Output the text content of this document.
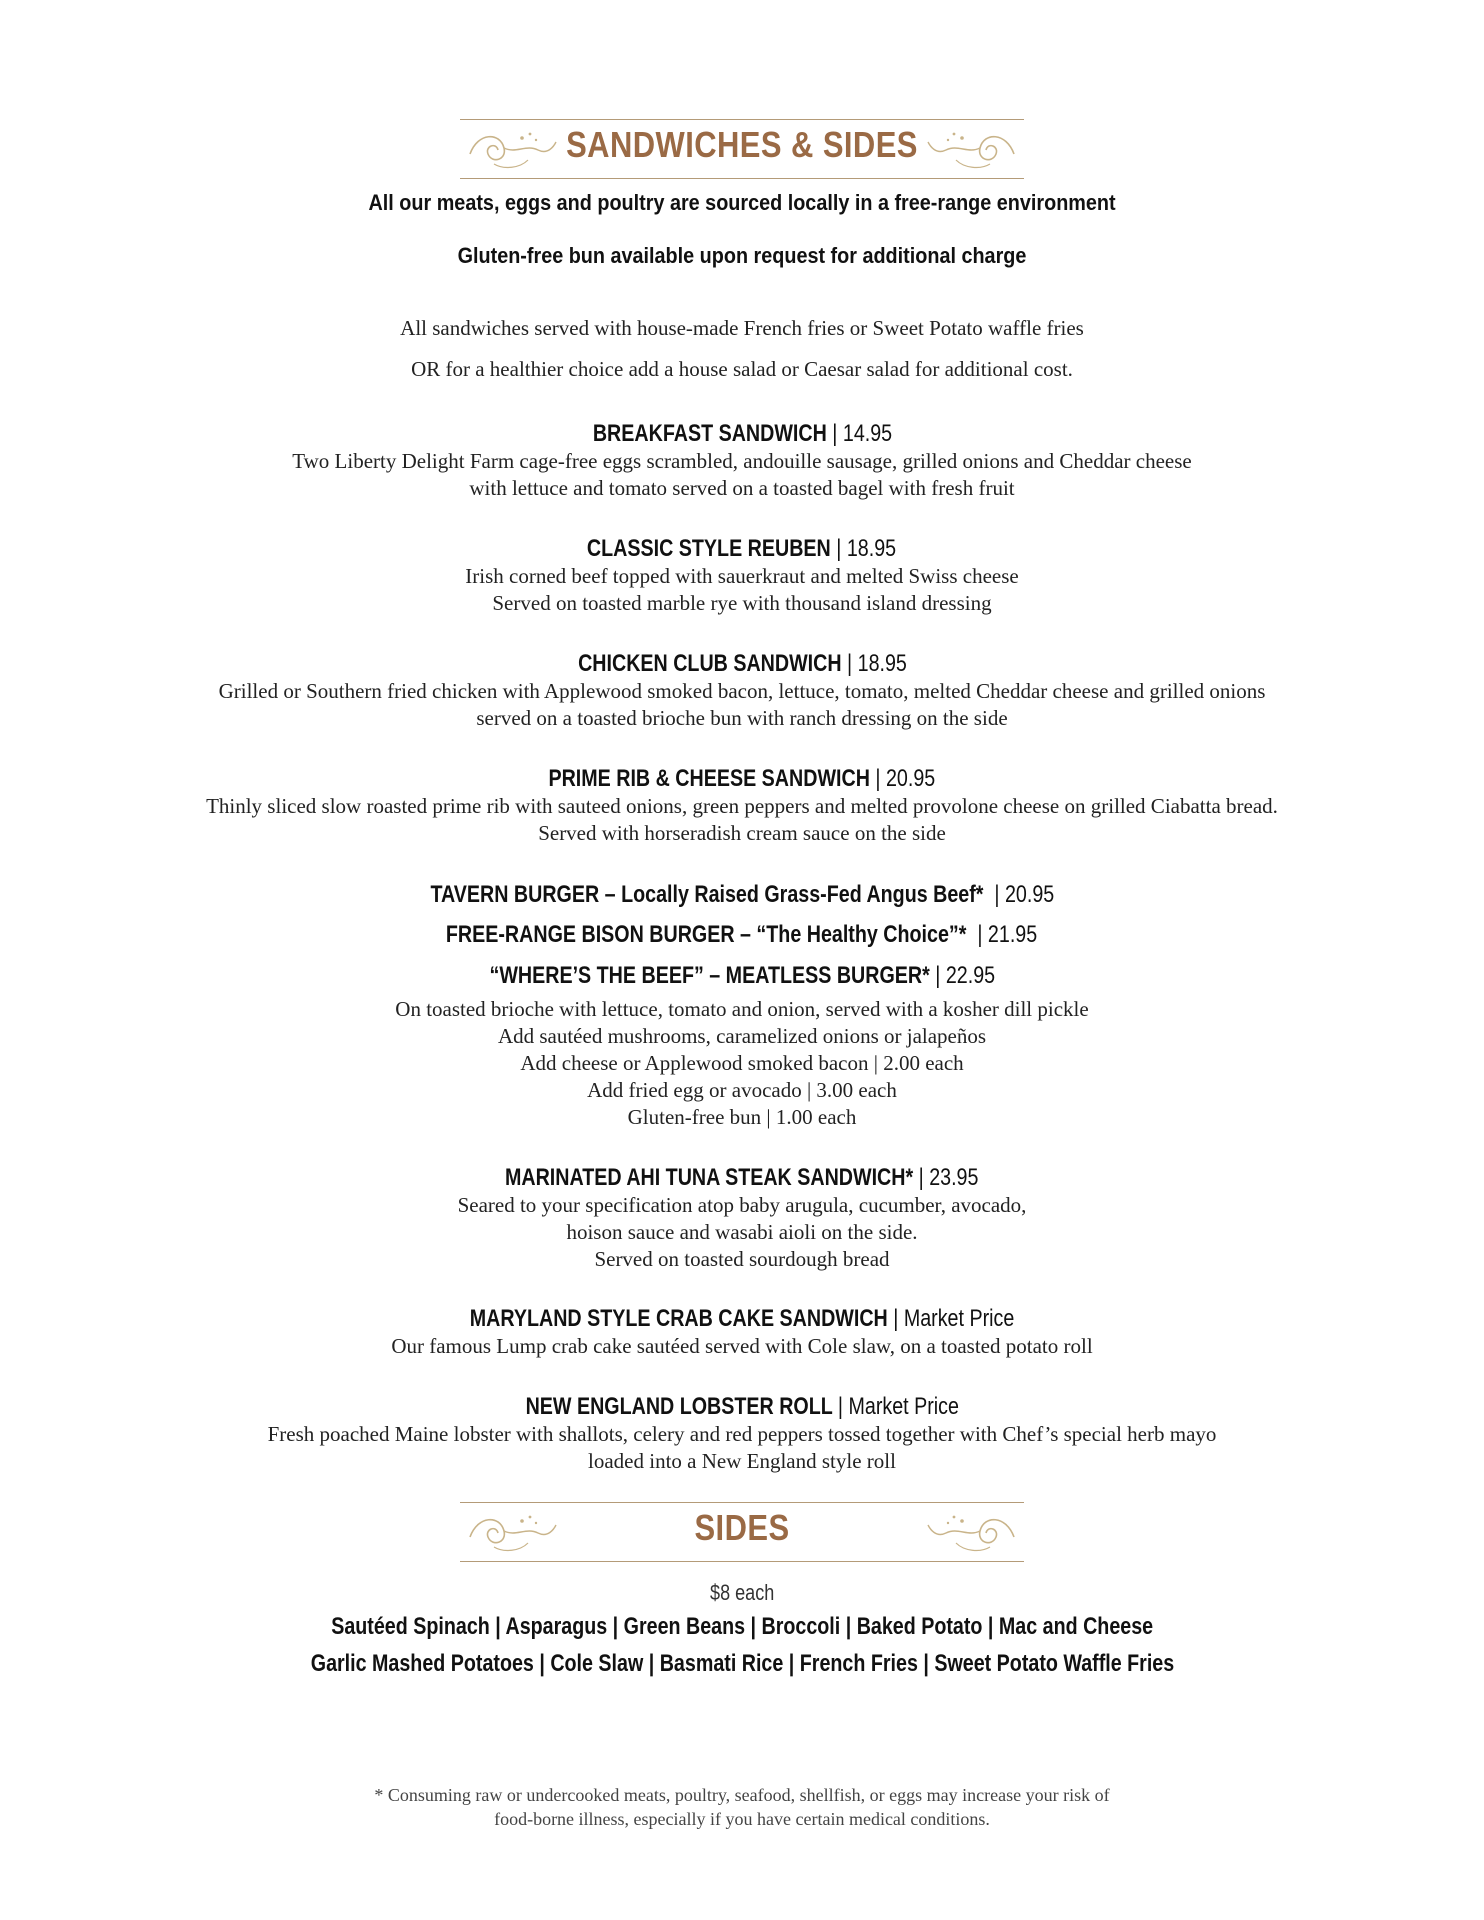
SANDWICHES & SIDES
All our meats, eggs and poultry are sourced locally in a free-range environment
Gluten-free bun available upon request for additional charge
All sandwiches served with house-made French fries or Sweet Potato waffle fries
OR for a healthier choice add a house salad or Caesar salad for additional cost.
BREAKFAST SANDWICH | 14.95
Two Liberty Delight Farm cage-free eggs scrambled, andouille sausage, grilled onions and Cheddar cheese
with lettuce and tomato served on a toasted bagel with fresh fruit
CLASSIC STYLE REUBEN | 18.95
Irish corned beef topped with sauerkraut and melted Swiss cheese
Served on toasted marble rye with thousand island dressing
CHICKEN CLUB SANDWICH | 18.95
Grilled or Southern fried chicken with Applewood smoked bacon, lettuce, tomato, melted Cheddar cheese and grilled onions
served on a toasted brioche bun with ranch dressing on the side
PRIME RIB & CHEESE SANDWICH | 20.95
Thinly sliced slow roasted prime rib with sauteed onions, green peppers and melted provolone cheese on grilled Ciabatta bread.
Served with horseradish cream sauce on the side
TAVERN BURGER – Locally Raised Grass-Fed Angus Beef* | 20.95
FREE-RANGE BISON BURGER – “The Healthy Choice”* | 21.95
“WHERE’S THE BEEF” – MEATLESS BURGER* | 22.95
On toasted brioche with lettuce, tomato and onion, served with a kosher dill pickle
Add sautéed mushrooms, caramelized onions or jalapeños
Add cheese or Applewood smoked bacon | 2.00 each
Add fried egg or avocado | 3.00 each
Gluten-free bun | 1.00 each
MARINATED AHI TUNA STEAK SANDWICH* | 23.95
Seared to your specification atop baby arugula, cucumber, avocado,
hoison sauce and wasabi aioli on the side.
Served on toasted sourdough bread
MARYLAND STYLE CRAB CAKE SANDWICH | Market Price
Our famous Lump crab cake sautéed served with Cole slaw, on a toasted potato roll
NEW ENGLAND LOBSTER ROLL | Market Price
Fresh poached Maine lobster with shallots, celery and red peppers tossed together with Chef’s special herb mayo
loaded into a New England style roll
SIDES
$8 each
Sautéed Spinach | Asparagus | Green Beans | Broccoli | Baked Potato | Mac and Cheese
Garlic Mashed Potatoes | Cole Slaw | Basmati Rice | French Fries | Sweet Potato Waffle Fries
* Consuming raw or undercooked meats, poultry, seafood, shellfish, or eggs may increase your risk of
food-borne illness, especially if you have certain medical conditions.
